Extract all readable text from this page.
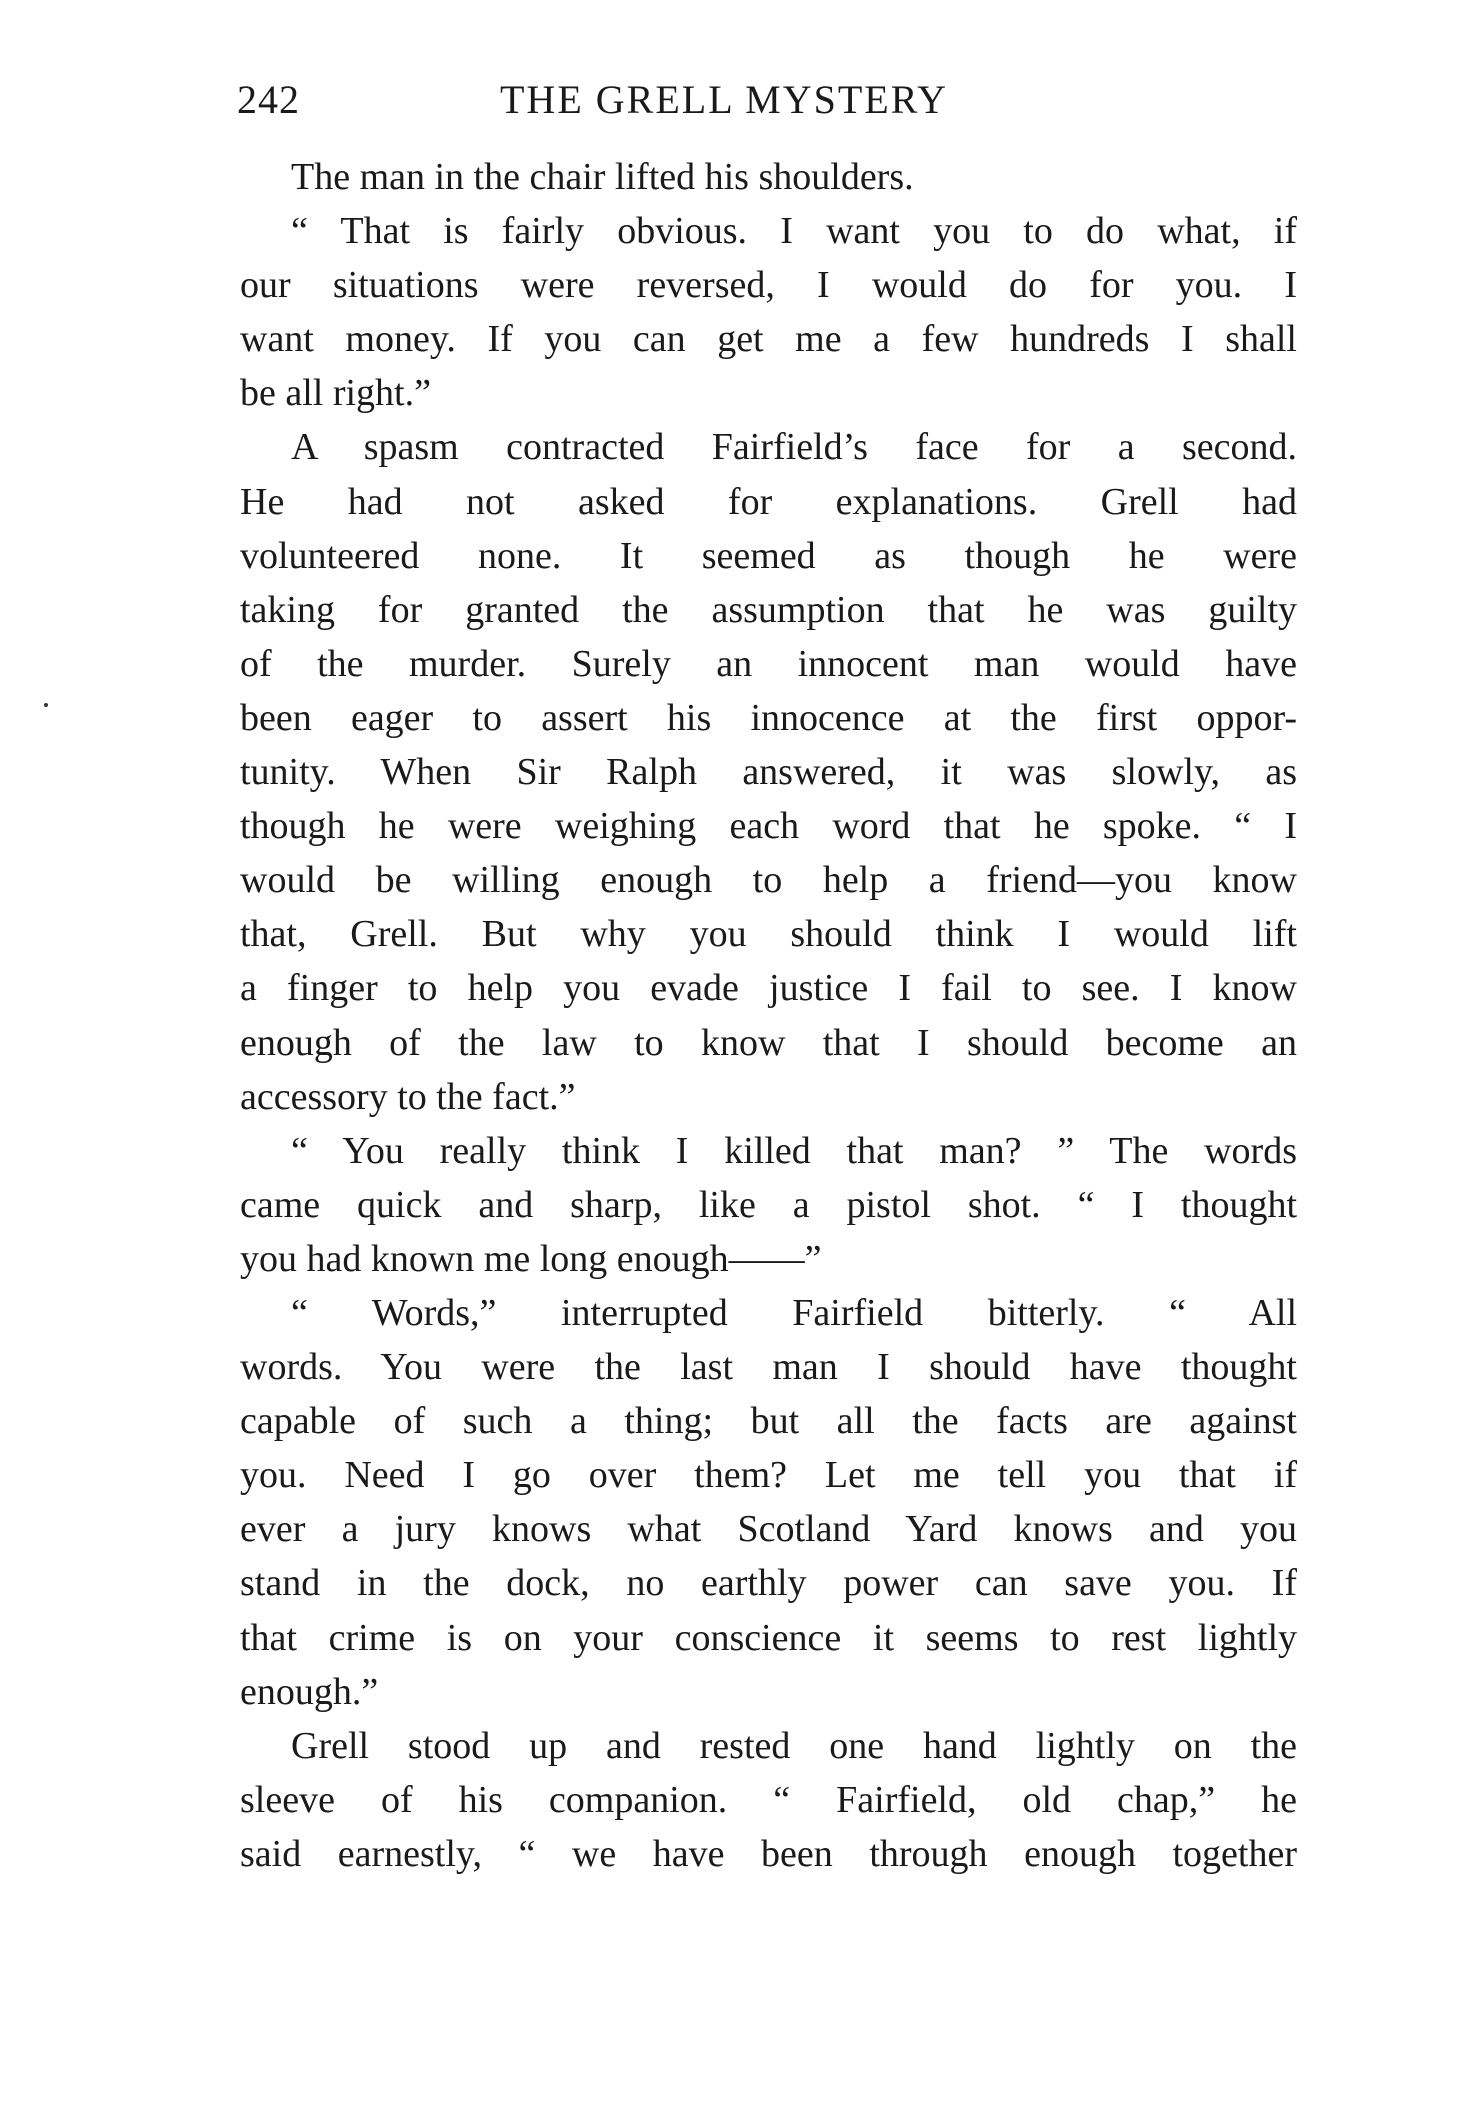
242	THE GRELL MYSTERY
The man in the chair lifted his shoulders.
“ That is fairly obvious. I want you to do what, if
our situations were reversed, I would do for you. I
want money. If you can get me a few hundreds I shall
be all right.”
A spasm contracted Fairfield’s face for a second.
He had not asked for explanations. Grell had
volunteered none. It seemed as though he were
taking for granted the assumption that he was guilty
of the murder. Surely an innocent man would have
been eager to assert his innocence at the first oppor-
tunity. When Sir Ralph answered, it was slowly, as
though he were weighing each word that he spoke. “ I
would be willing enough to help a friend—you know
that, Grell. But why you should think I would lift
a finger to help you evade justice I fail to see. I know
enough of the law to know that I should become an
accessory to the fact.”
“ You really think I killed that man? ” The words
came quick and sharp, like a pistol shot. “ I thought
you had known me long enough——”
“ Words,” interrupted Fairfield bitterly. “ All
words. You were the last man I should have thought
capable of such a thing; but all the facts are against
you. Need I go over them? Let me tell you that if
ever a jury knows what Scotland Yard knows and you
stand in the dock, no earthly power can save you. If
that crime is on your conscience it seems to rest lightly
enough.”
Grell stood up and rested one hand lightly on the
sleeve of his companion. “ Fairfield, old chap,” he
said earnestly, “ we have been through enough together
